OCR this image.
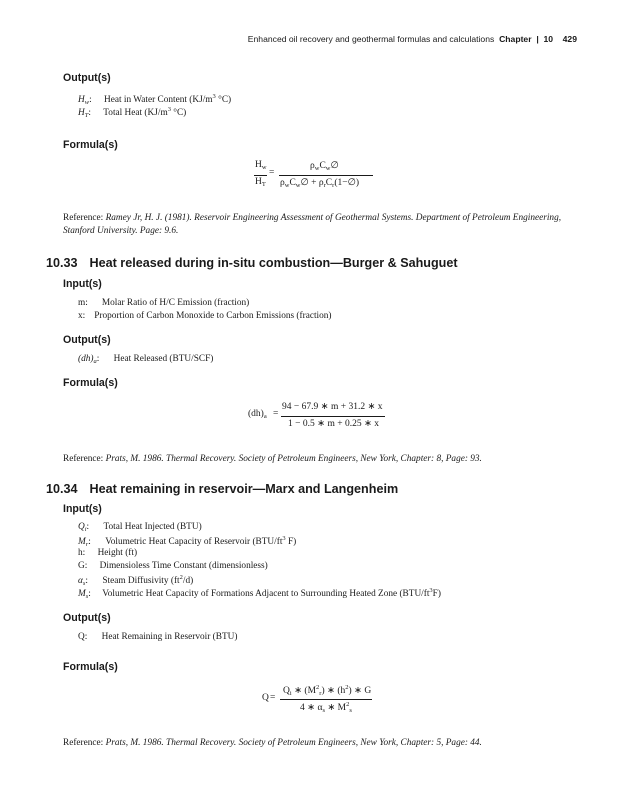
Enhanced oil recovery and geothermal formulas and calculations Chapter  |  10 429
Output(s)
$H_w$: Heat in Water Content ($KJ/m^3$ °C)
$H_T$: Total Heat ($KJ/m^3$ °C)
Formula(s)
$H_w$
$H_T$
=
$\rho_wC_w\emptyset$
$\rho_wC_w\emptyset$ + $\rho_rC_r(1-\emptyset)$
Reference: Ramey Jr, H. J. (1981). Reservoir Engineering Assessment of Geothermal Systems. Department of Petroleum Engineering, Stanford University. Page: 9.6.
10.33 Heat released during in-situ combustion—Burger & Sahuguet
Input(s)
m: Molar Ratio of H/C Emission (fraction)
x: Proportion of Carbon Monoxide to Carbon Emissions (fraction)
Output(s)
$(dh)_a$: Heat Released (BTU/SCF)
Formula(s)
$(dh)_a$ =
94 − 67.9 ∗ m + 31.2 ∗ x
1 − 0.5 ∗ m + 0.25 ∗ x
Reference: Prats, M. 1986. Thermal Recovery. Society of Petroleum Engineers, New York, Chapter: 8, Page: 93.
10.34 Heat remaining in reservoir—Marx and Langenheim
Input(s)
$Q_i$: Total Heat Injected (BTU)
$M_r$: Volumetric Heat Capacity of Reservoir ($BTU/ft^3$ F)
h: Height (ft)
G: Dimensioless Time Constant (dimensionless)
$\alpha_s$: Steam Diffusivity $(ft^2/d)$
$M_s$: Volumetric Heat Capacity of Formations Adjacent to Surrounding Heated Zone $(BTU/ft^3F)$
Output(s)
Q: Heat Remaining in Reservoir (BTU)
Formula(s)
Q =
$Q_i$ ∗ $(M^2_r)$ ∗ $(h^2)$ ∗ G
4 ∗ $\alpha_s$ ∗ $M^2_s$
Reference: Prats, M. 1986. Thermal Recovery. Society of Petroleum Engineers, New York, Chapter: 5, Page: 44.
